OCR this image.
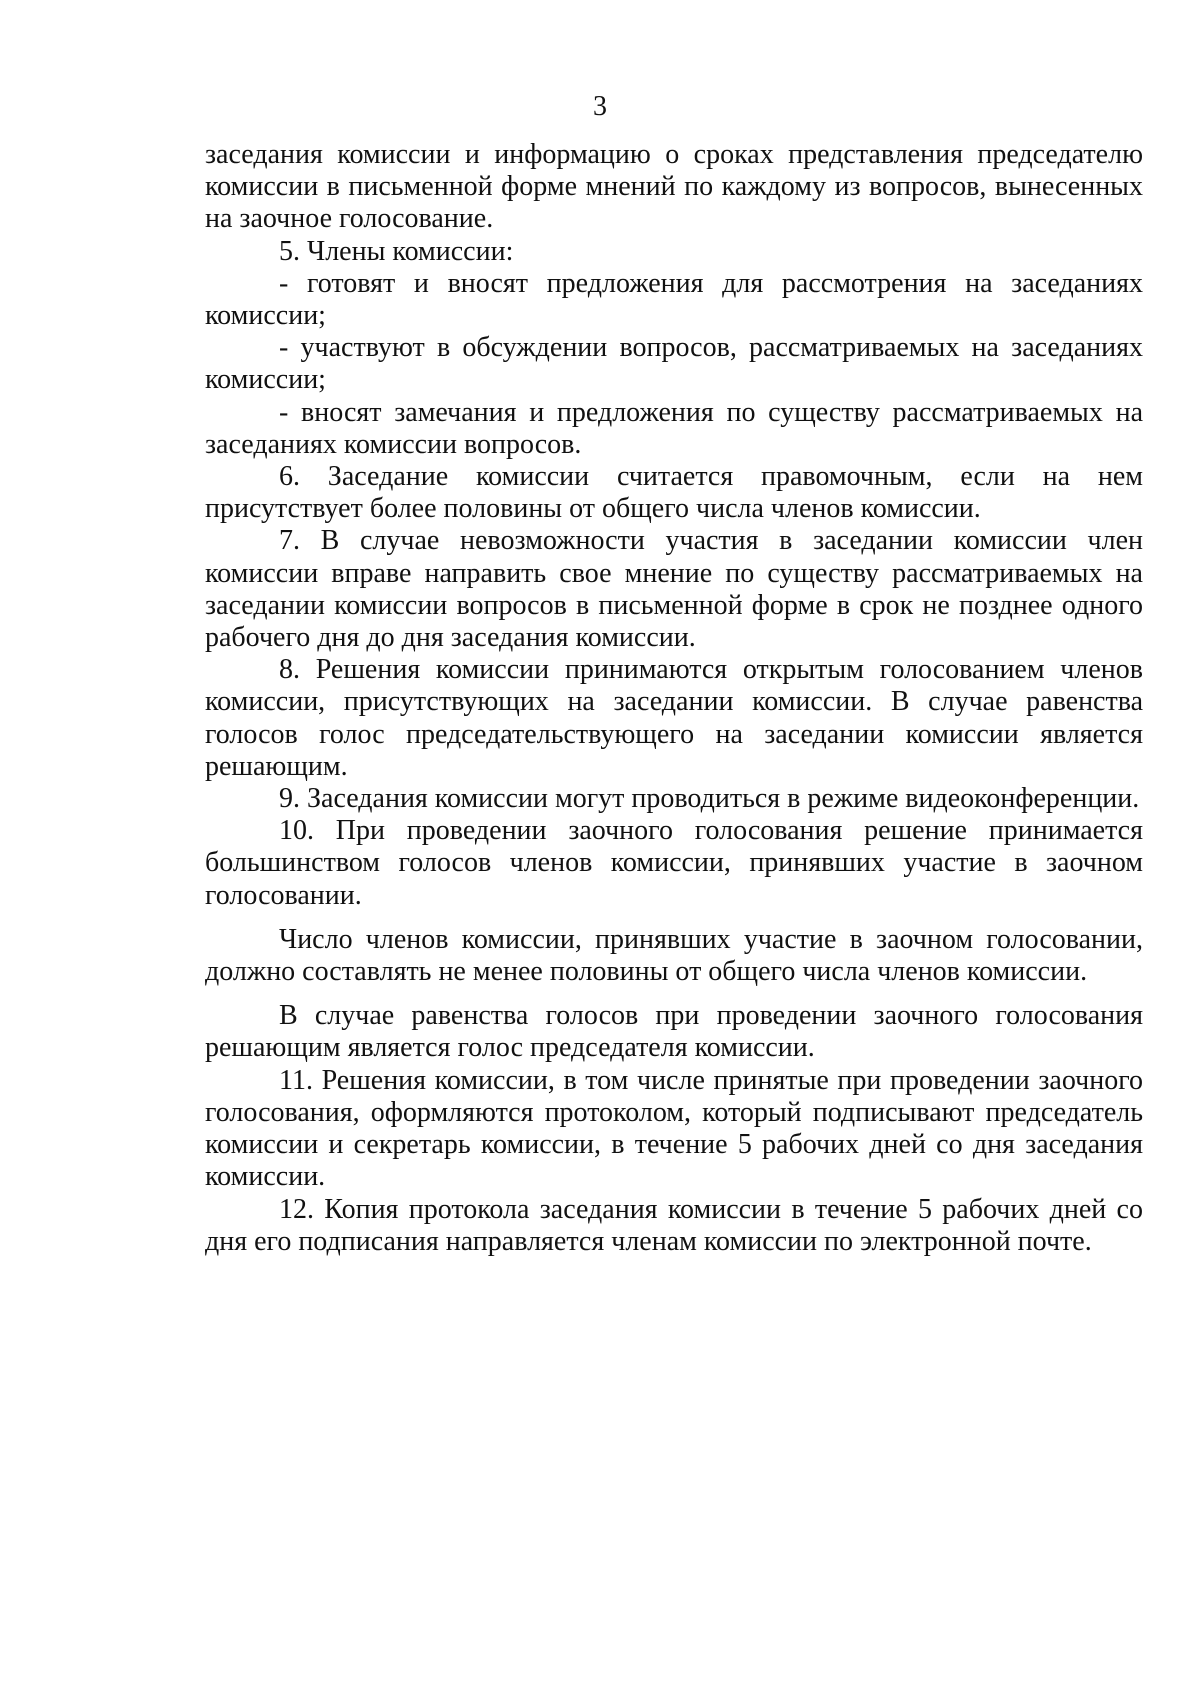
3

заседания комиссии и информацию о сроках представления председателю комиссии в письменной форме мнений по каждому из вопросов, вынесенных на заочное голосование.

5. Члены комиссии:

- готовят и вносят предложения для рассмотрения на заседаниях комиссии;

- участвуют в обсуждении вопросов, рассматриваемых на заседаниях комиссии;

- вносят замечания и предложения по существу рассматриваемых на заседаниях комиссии вопросов.

6. Заседание комиссии считается правомочным, если на нем присутствует более половины от общего числа членов комиссии.

7. В случае невозможности участия в заседании комиссии член комиссии вправе направить свое мнение по существу рассматриваемых на заседании комиссии вопросов в письменной форме в срок не позднее одного рабочего дня до дня заседания комиссии.

8. Решения комиссии принимаются открытым голосованием членов комиссии, присутствующих на заседании комиссии. В случае равенства голосов голос председательствующего на заседании комиссии является решающим.

9. Заседания комиссии могут проводиться в режиме видеоконференции.

10. При проведении заочного голосования решение принимается большинством голосов членов комиссии, принявших участие в заочном голосовании.

Число членов комиссии, принявших участие в заочном голосовании, должно составлять не менее половины от общего числа членов комиссии.

В случае равенства голосов при проведении заочного голосования решающим является голос председателя комиссии.

11. Решения комиссии, в том числе принятые при проведении заочного голосования, оформляются протоколом, который подписывают председатель комиссии и секретарь комиссии, в течение 5 рабочих дней со дня заседания комиссии.

12. Копия протокола заседания комиссии в течение 5 рабочих дней со дня его подписания направляется членам комиссии по электронной почте.
